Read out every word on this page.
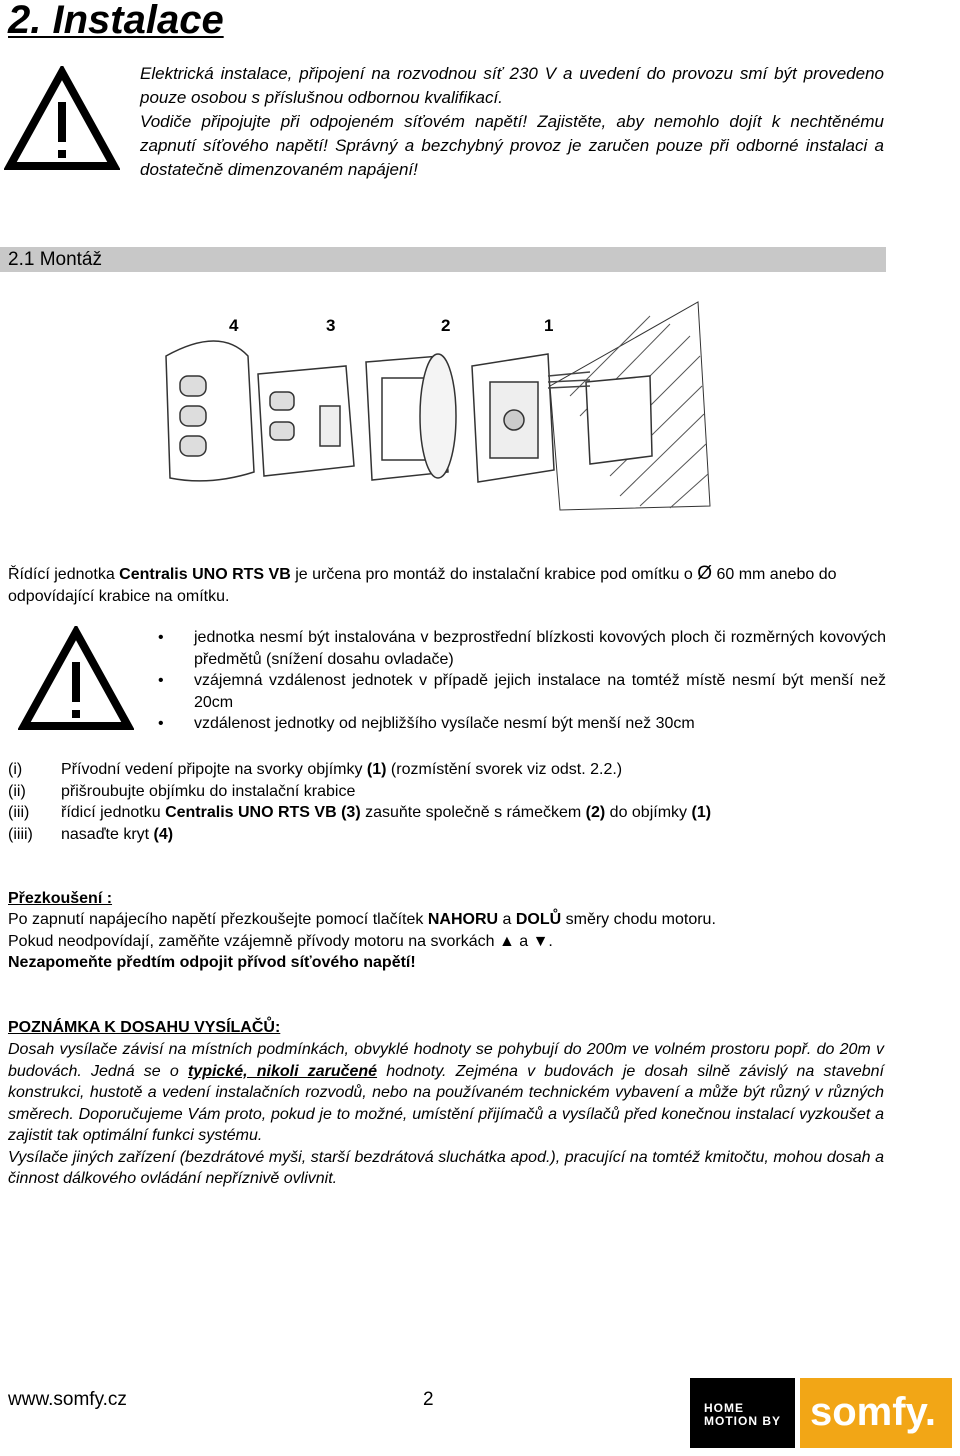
2. Instalace

Elektrická instalace, připojení na rozvodnou síť 230 V a uvedení do provozu smí být provedeno pouze osobou s příslušnou odbornou kvalifikací.

Vodiče připojujte při odpojeném síťovém napětí! Zajistěte, aby nemohlo dojít k nechtěnému zapnutí síťového napětí! Správný a bezchybný provoz je zaručen pouze při odborné instalaci a dostatečně dimenzovaném napájení!

2.1 Montáž
4	3	2	1
Řídící jednotka Centralis UNO RTS VB je určena pro montáž do instalační krabice pod omítku o Ø 60 mm anebo do odpovídající krabice na omítku.
• jednotka nesmí být instalována v bezprostřední blízkosti kovových ploch či rozměrných kovových předmětů (snížení dosahu ovladače)
• vzájemná vzdálenost jednotek v případě jejich instalace na tomtéž místě nesmí být menší než 20cm
• vzdálenost jednotky od nejbližšího vysílače nesmí být menší než 30cm
(i)	Přívodní vedení připojte na svorky objímky (1) (rozmístění svorek viz odst. 2.2.)
(ii)	přišroubujte objímku do instalační krabice
(iii)	řídicí jednotku Centralis UNO RTS VB (3) zasuňte společně s rámečkem (2) do objímky (1)
(iiii)	nasaďte kryt (4)
Přezkoušení :
Po zapnutí napájecího napětí přezkoušejte pomocí tlačítek NAHORU a DOLŮ směry chodu motoru.
Pokud neodpovídají, zaměňte vzájemně přívody motoru na svorkách ▲ a ▼.
Nezapomeňte předtím odpojit přívod síťového napětí!
POZNÁMKA K DOSAHU VYSÍLAČŮ:

Dosah vysílače závisí na místních podmínkách, obvyklé hodnoty se pohybují do 200m ve volném prostoru popř. do 20m v budovách. Jedná se o typické, nikoli zaručené hodnoty. Zejména v budovách je dosah silně závislý na stavební konstrukci, hustotě a vedení instalačních rozvodů, nebo na používaném technickém vybavení a může být různý v různých směrech. Doporučujeme Vám proto, pokud je to možné, umístění přijímačů a vysílačů před konečnou instalací vyzkoušet a zajistit tak optimální funkci systému.

Vysílače jiných zařízení (bezdrátové myši, starší bezdrátová sluchátka apod.), pracující na tomtéž kmitočtu, mohou dosah a činnost dálkového ovládání nepříznivě ovlivnit.

www.somfy.cz	2	HOME
MOTION BY somfy.
